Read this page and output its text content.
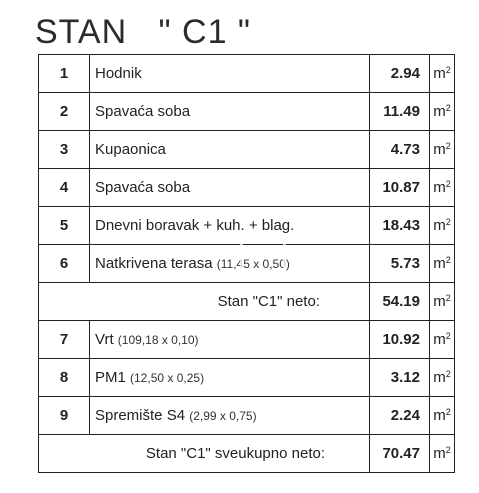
STAN   " C1 "
1	Hodnik	2.94	$m^2$
2	Spavaća soba	11.49	$m^2$
3	Kupaonica	4.73	$m^2$
4	Spavaća soba	10.87	$m^2$
5	Dnevni boravak + kuh. + blag.	18.43	$m^2$
6	Natkrivena terasa (11,45 x 0,50)	5.73	$m^2$
Stan "C1" neto:		54.19	$m^2$
7	Vrt (109,18 x 0,10)	10.92	$m^2$
8	PM1 (12,50 x 0,25)	3.12	$m^2$
9	Spremište S4 (2,99 x 0,75)	2.24	$m^2$
Stan "C1" sveukupno neto:		70.47	$m^2$
